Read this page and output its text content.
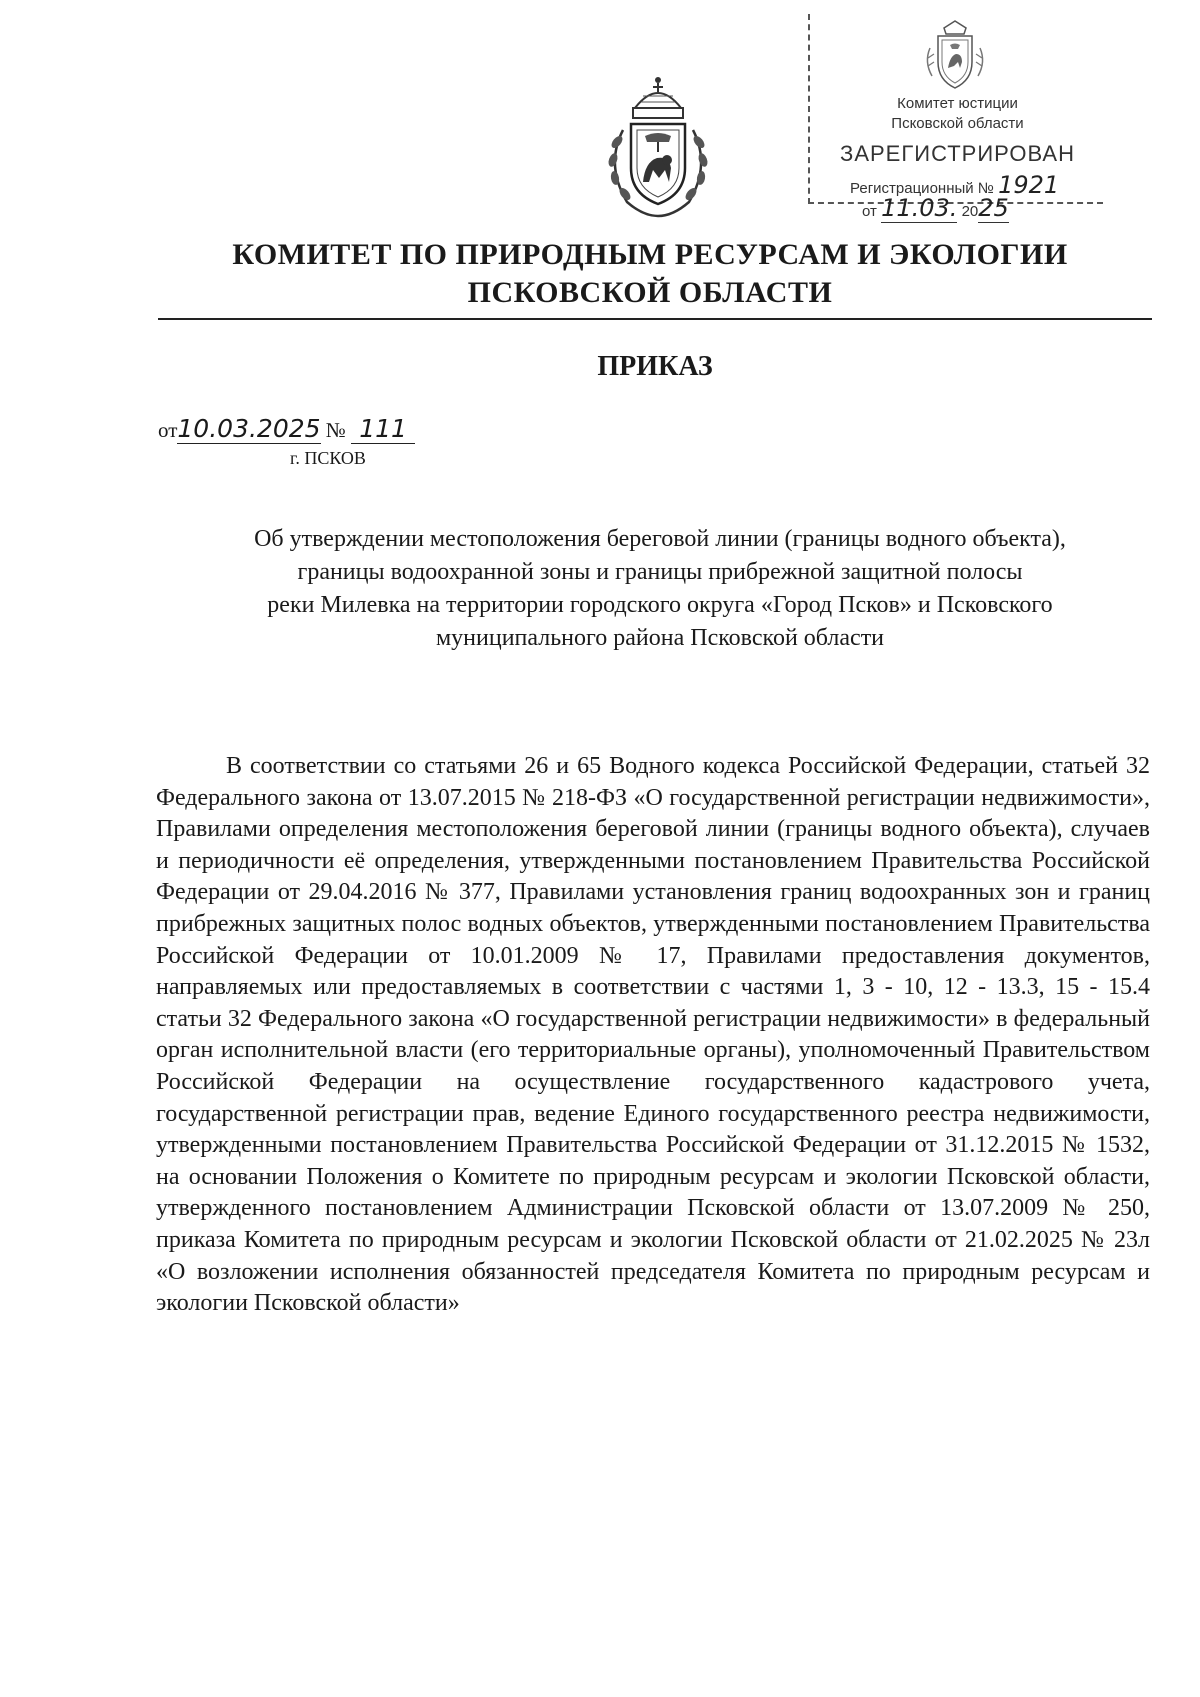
Комитет юстиции
Псковской области
ЗАРЕГИСТРИРОВАН
Регистрационный № 1921
от 11.03. 2025
КОМИТЕТ ПО ПРИРОДНЫМ РЕСУРСАМ И ЭКОЛОГИИ
ПСКОВСКОЙ ОБЛАСТИ
ПРИКАЗ
от10.03.2025 № 111
г. ПСКОВ
Об утверждении местоположения береговой линии (границы водного объекта),
границы водоохранной зоны и границы прибрежной защитной полосы
реки Милевка на территории городского округа «Город Псков» и Псковского
муниципального района Псковской области

В соответствии со статьями 26 и 65 Водного кодекса Российской Федерации, статьей 32 Федерального закона от 13.07.2015 № 218-ФЗ «О государственной регистрации недвижимости», Правилами определения местоположения береговой линии (границы водного объекта), случаев и периодичности её определения, утвержденными постановлением Правительства Российской Федерации от 29.04.2016 № 377, Правилами установления границ водоохранных зон и границ прибрежных защитных полос водных объектов, утвержденными постановлением Правительства Российской Федерации от 10.01.2009 № 17, Правилами предоставления документов, направляемых или предоставляемых в соответствии с частями 1, 3 - 10, 12 - 13.3, 15 - 15.4 статьи 32 Федерального закона «О государственной регистрации недвижимости» в федеральный орган исполнительной власти (его территориальные органы), уполномоченный Правительством Российской Федерации на осуществление государственного кадастрового учета, государственной регистрации прав, ведение Единого государственного реестра недвижимости, утвержденными постановлением Правительства Российской Федерации от 31.12.2015 № 1532, на основании Положения о Комитете по природным ресурсам и экологии Псковской области, утвержденного постановлением Администрации Псковской области от 13.07.2009 № 250, приказа Комитета по природным ресурсам и экологии Псковской области от 21.02.2025 № 23л «О возложении исполнения обязанностей председателя Комитета по природным ресурсам и экологии Псковской области»
